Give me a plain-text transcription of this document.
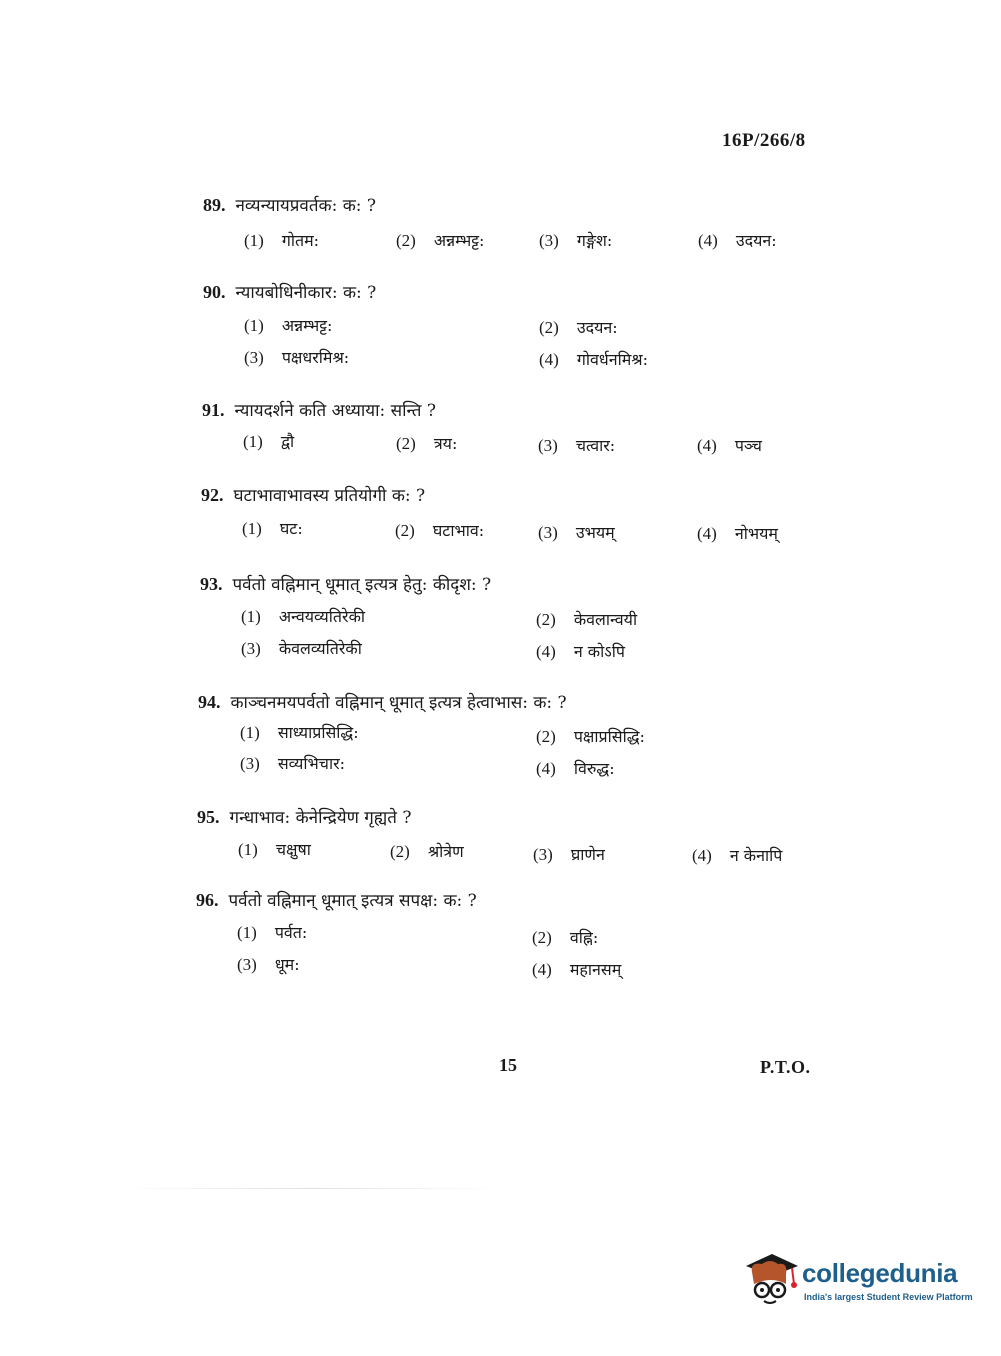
16P/266/8
89. नव्यन्यायप्रवर्तक: क: ?
(1) गोतम:	(2) अन्नम्भट्ट:	(3) गङ्गेश:	(4) उदयन:
90. न्यायबोधिनीकार: क: ?
(1) अन्नम्भट्ट:	(2) उदयन:
(3) पक्षधरमिश्र:	(4) गोवर्धनमिश्र:
91. न्यायदर्शने कति अध्याया: सन्ति ?
(1) द्वौ	(2) त्रय:	(3) चत्वार:	(4) पञ्च
92. घटाभावाभावस्य प्रतियोगी क: ?
(1) घट:	(2) घटाभाव:	(3) उभयम्	(4) नोभयम्
93. पर्वतो वह्निमान् धूमात् इत्यत्र हेतु: कीदृश: ?
(1) अन्वयव्यतिरेकी	(2) केवलान्वयी
(3) केवलव्यतिरेकी	(4) न कोऽपि
94. काञ्चनमयपर्वतो वह्निमान् धूमात् इत्यत्र हेत्वाभास: क: ?
(1) साध्याप्रसिद्धि:	(2) पक्षाप्रसिद्धि:
(3) सव्यभिचार:	(4) विरुद्ध:
95. गन्धाभाव: केनेन्द्रियेण गृह्यते ?
(1) चक्षुषा	(2) श्रोत्रेण	(3) घ्राणेन	(4) न केनापि
96. पर्वतो वह्निमान् धूमात् इत्यत्र सपक्ष: क: ?
(1) पर्वत:	(2) वह्नि:
(3) धूम:	(4) महानसम्
15	P.T.O.
collegedunia
India's largest Student Review Platform
